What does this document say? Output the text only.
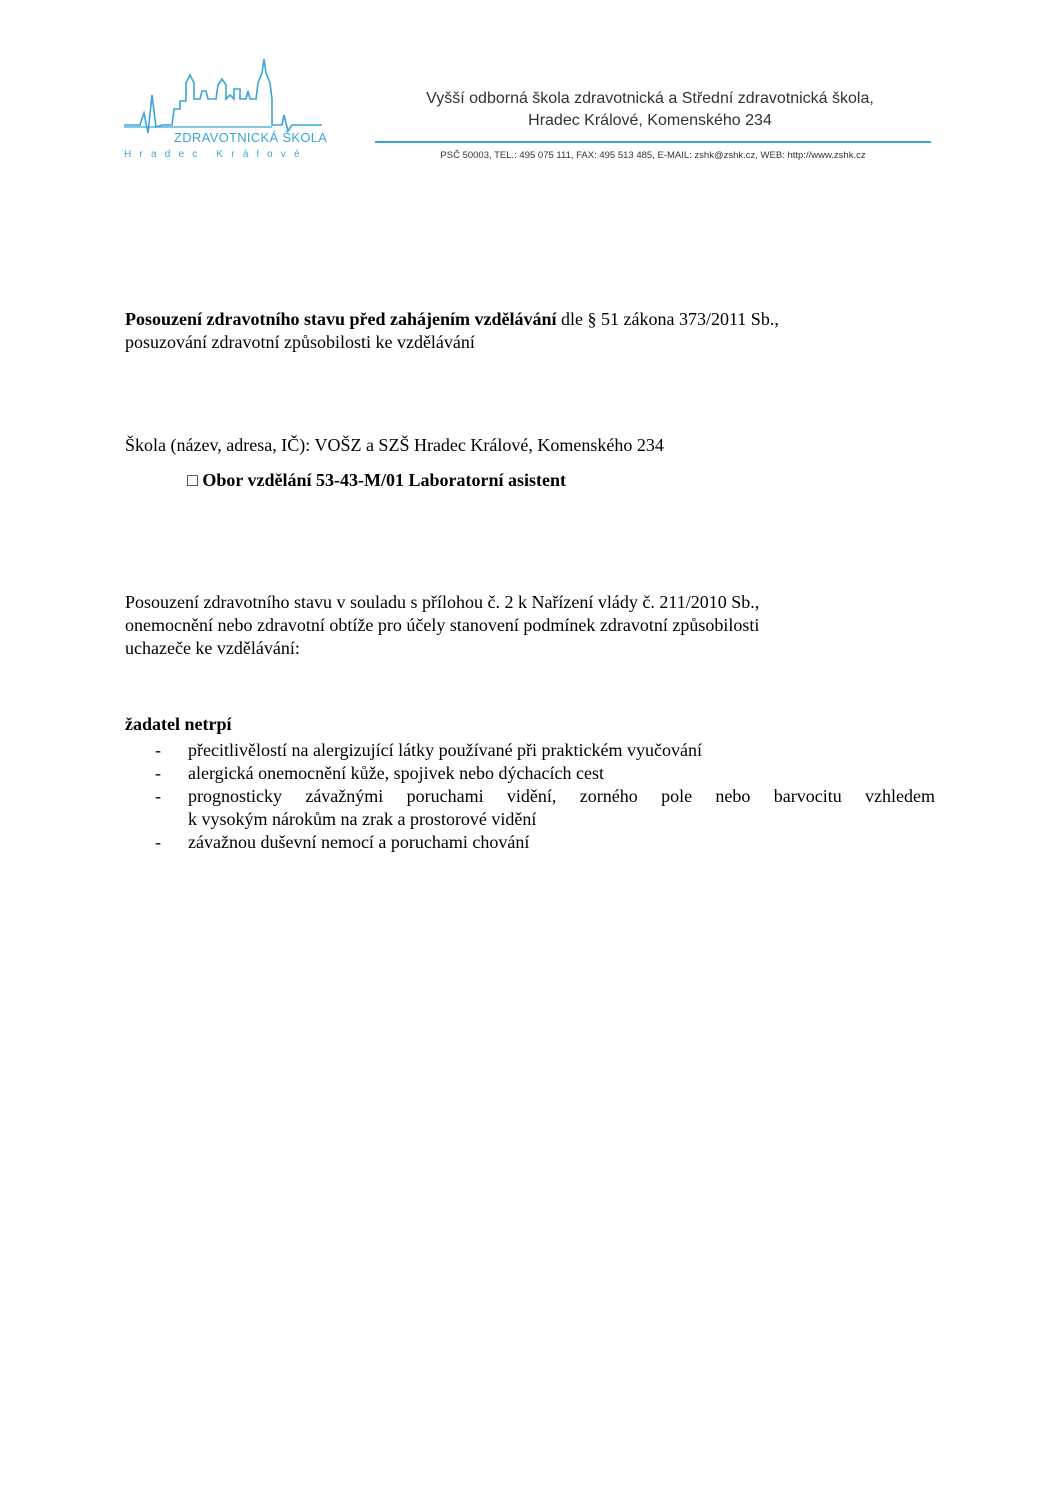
ZDRAVOTNICKÁ ŠKOLA
Hradec Králové
Vyšší odborná škola zdravotnická a Střední zdravotnická škola,
Hradec Králové, Komenského 234
PSČ 50003, TEL.: 495 075 111, FAX: 495 513 485, E-MAIL: zshk@zshk.cz, WEB: http://www.zshk.cz
Posouzení zdravotního stavu před zahájením vzdělávání dle § 51 zákona 373/2011 Sb.,
posuzování zdravotní způsobilosti ke vzdělávání
Škola (název, adresa, IČ): VOŠZ a SZŠ Hradec Králové, Komenského 234
□ Obor vzdělání 53-43-M/01 Laboratorní asistent
Posouzení zdravotního stavu v souladu s přílohou č. 2 k Nařízení vlády č. 211/2010 Sb.,
onemocnění nebo zdravotní obtíže pro účely stanovení podmínek zdravotní způsobilosti
uchazeče ke vzdělávání:
žadatel netrpí
- přecitlivělostí na alergizující látky používané při praktickém vyučování
- alergická onemocnění kůže, spojivek nebo dýchacích cest
- prognosticky závažnými poruchami vidění, zorného pole nebo barvocitu vzhledem
k vysokým nárokům na zrak a prostorové vidění
- závažnou duševní nemocí a poruchami chování
